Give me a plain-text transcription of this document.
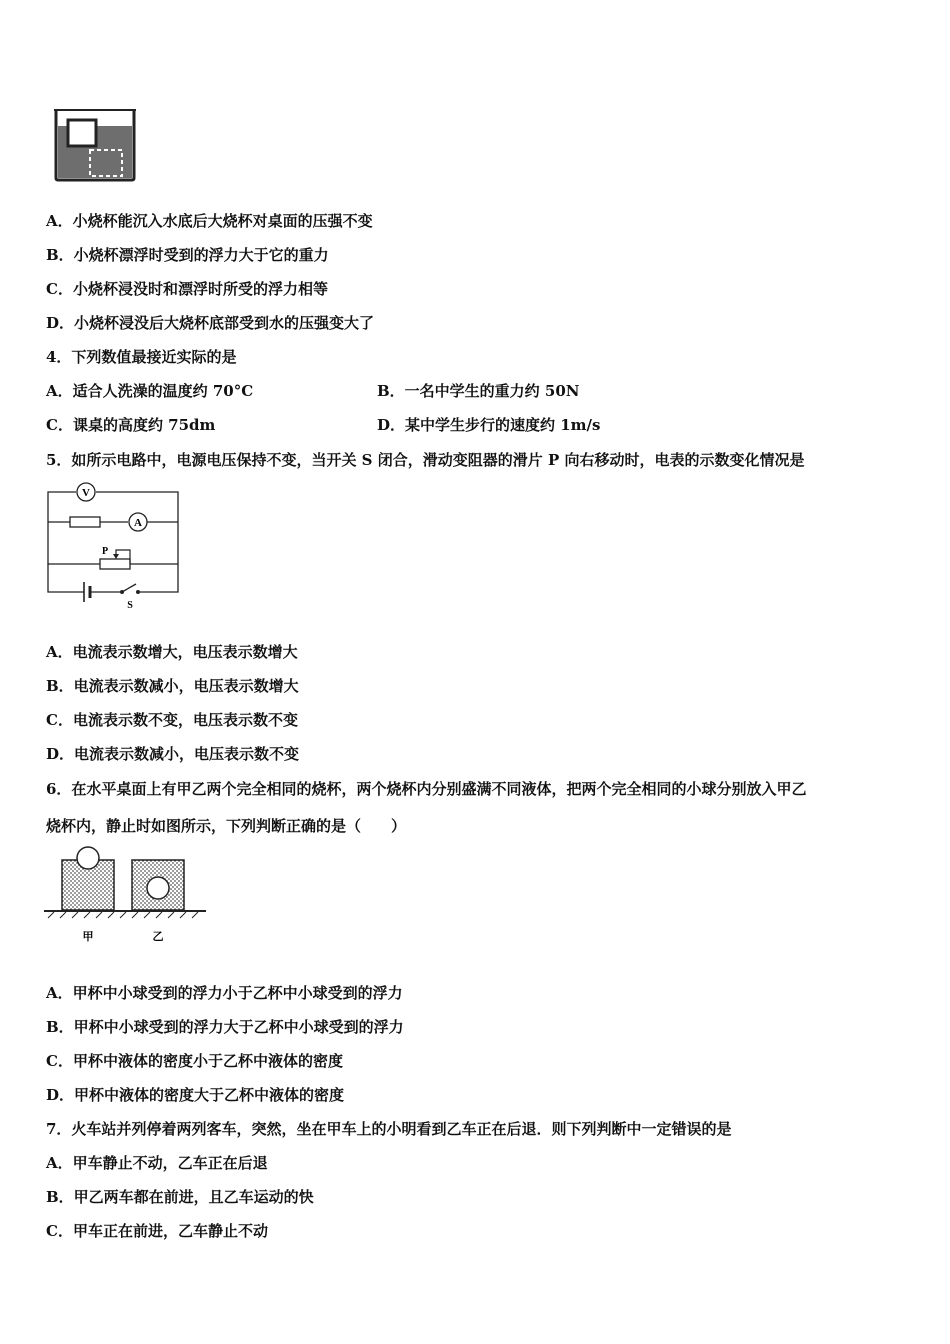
A．小烧杯能沉入水底后大烧杯对桌面的压强不变
B．小烧杯漂浮时受到的浮力大于它的重力
C．小烧杯浸没时和漂浮时所受的浮力相等
D．小烧杯浸没后大烧杯底部受到水的压强变大了
4．下列数值最接近实际的是
A．适合人洗澡的温度约 70°C	B．一名中学生的重力约 50N
C．课桌的高度约 75dm	D．某中学生步行的速度约 1m/s
5．如所示电路中，电源电压保持不变，当开关 S 闭合，滑动变阻器的滑片 P 向右移动时，电表的示数变化情况是
V
A
P
S
A．电流表示数增大，电压表示数增大
B．电流表示数减小，电压表示数增大
C．电流表示数不变，电压表示数不变
D．电流表示数减小，电压表示数不变
6．在水平桌面上有甲乙两个完全相同的烧杯，两个烧杯内分别盛满不同液体，把两个完全相同的小球分别放入甲乙
烧杯内，静止时如图所示，下列判断正确的是（　　）
甲	乙
A．甲杯中小球受到的浮力小于乙杯中小球受到的浮力
B．甲杯中小球受到的浮力大于乙杯中小球受到的浮力
C．甲杯中液体的密度小于乙杯中液体的密度
D．甲杯中液体的密度大于乙杯中液体的密度
7．火车站并列停着两列客车，突然，坐在甲车上的小明看到乙车正在后退．则下列判断中一定错误的是
A．甲车静止不动，乙车正在后退
B．甲乙两车都在前进，且乙车运动的快
C．甲车正在前进，乙车静止不动
